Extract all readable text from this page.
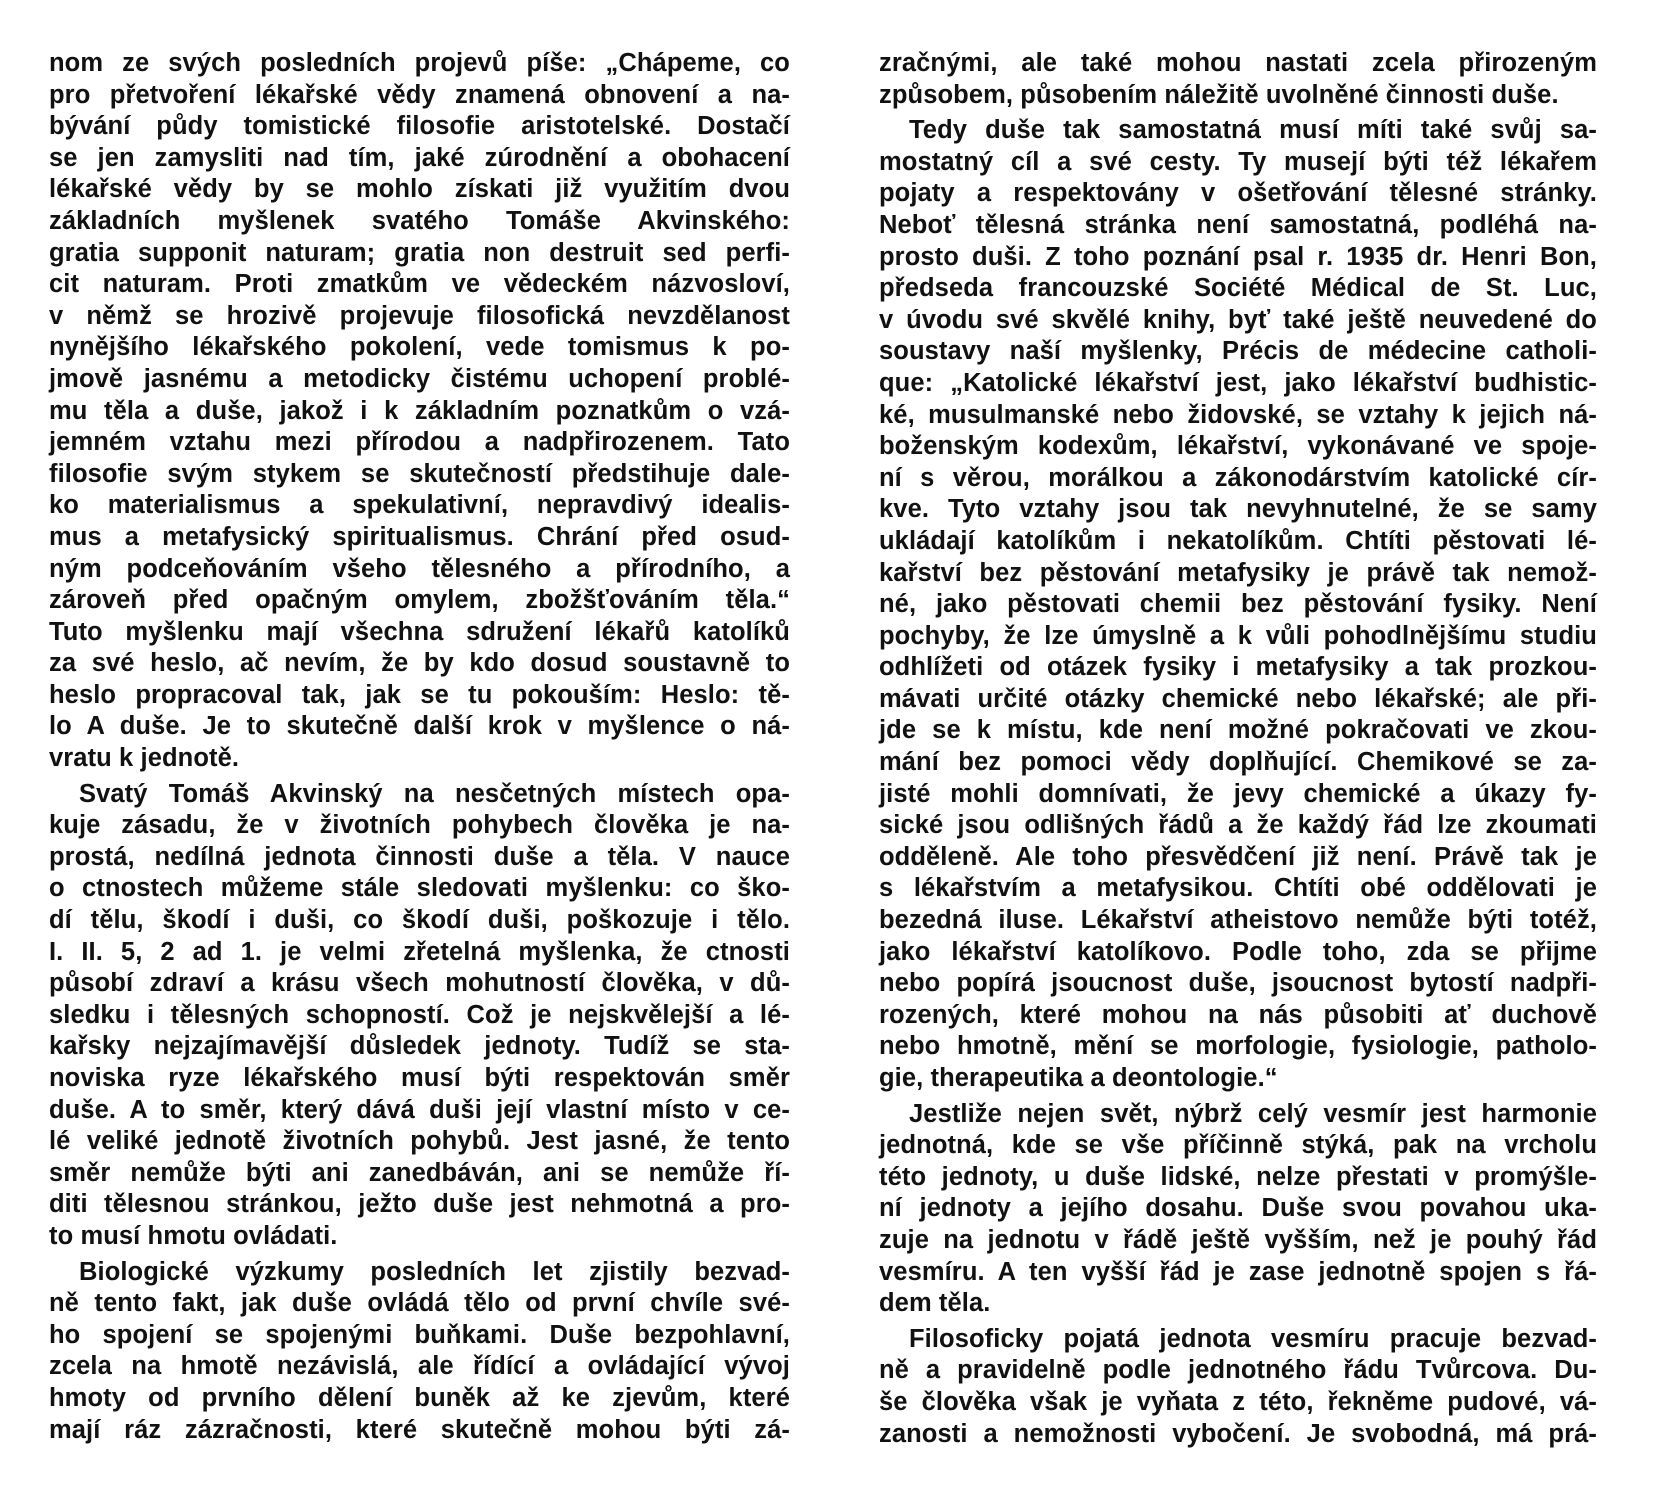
nom ze svých posledních projevů píše: „Chápeme, co
pro přetvoření lékařské vědy znamená obnovení a na-
bývání půdy tomistické filosofie aristotelské. Dostačí
se jen zamysliti nad tím, jaké zúrodnění a obohacení
lékařské vědy by se mohlo získati již využitím dvou
základních myšlenek svatého Tomáše Akvinského:
gratia supponit naturam; gratia non destruit sed perfi-
cit naturam. Proti zmatkům ve vědeckém názvosloví,
v němž se hrozivě projevuje filosofická nevzdělanost
nynějšího lékařského pokolení, vede tomismus k po-
jmově jasnému a metodicky čistému uchopení problé-
mu těla a duše, jakož i k základním poznatkům o vzá-
jemném vztahu mezi přírodou a nadpřirozenem. Tato
filosofie svým stykem se skutečností předstihuje dale-
ko materialismus a spekulativní, nepravdivý idealis-
mus a metafysický spiritualismus. Chrání před osud-
ným podceňováním všeho tělesného a přírodního, a
zároveň před opačným omylem, zbožšťováním těla.“
Tuto myšlenku mají všechna sdružení lékařů katolíků
za své heslo, ač nevím, že by kdo dosud soustavně to
heslo propracoval tak, jak se tu pokouším: Heslo: tě-
lo A duše. Je to skutečně další krok v myšlence o ná-
vratu k jednotě.
Svatý Tomáš Akvinský na nesčetných místech opa-
kuje zásadu, že v životních pohybech člověka je na-
prostá, nedílná jednota činnosti duše a těla. V nauce
o ctnostech můžeme stále sledovati myšlenku: co ško-
dí tělu, škodí i duši, co škodí duši, poškozuje i tělo.
I. II. 5, 2 ad 1. je velmi zřetelná myšlenka, že ctnosti
působí zdraví a krásu všech mohutností člověka, v dů-
sledku i tělesných schopností. Což je nejskvělejší a lé-
kařsky nejzajímavější důsledek jednoty. Tudíž se sta-
noviska ryze lékařského musí býti respektován směr
duše. A to směr, který dává duši její vlastní místo v ce-
lé veliké jednotě životních pohybů. Jest jasné, že tento
směr nemůže býti ani zanedbáván, ani se nemůže ří-
diti tělesnou stránkou, ježto duše jest nehmotná a pro-
to musí hmotu ovládati.
Biologické výzkumy posledních let zjistily bezvad-
ně tento fakt, jak duše ovládá tělo od první chvíle své-
ho spojení se spojenými buňkami. Duše bezpohlavní,
zcela na hmotě nezávislá, ale řídící a ovládající vývoj
hmoty od prvního dělení buněk až ke zjevům, které
mají ráz zázračnosti, které skutečně mohou býti zá-
zračnými, ale také mohou nastati zcela přirozeným
způsobem, působením náležitě uvolněné činnosti duše.
Tedy duše tak samostatná musí míti také svůj sa-
mostatný cíl a své cesty. Ty musejí býti též lékařem
pojaty a respektovány v ošetřování tělesné stránky.
Neboť tělesná stránka není samostatná, podléhá na-
prosto duši. Z toho poznání psal r. 1935 dr. Henri Bon,
předseda francouzské Société Médical de St. Luc,
v úvodu své skvělé knihy, byť také ještě neuvedené do
soustavy naší myšlenky, Précis de médecine catholi-
que: „Katolické lékařství jest, jako lékařství budhistic-
ké, musulmanské nebo židovské, se vztahy k jejich ná-
boženským kodexům, lékařství, vykonávané ve spoje-
ní s věrou, morálkou a zákonodárstvím katolické cír-
kve. Tyto vztahy jsou tak nevyhnutelné, že se samy
ukládají katolíkům i nekatolíkům. Chtíti pěstovati lé-
kařství bez pěstování metafysiky je právě tak nemož-
né, jako pěstovati chemii bez pěstování fysiky. Není
pochyby, že lze úmyslně a k vůli pohodlnějšímu studiu
odhlížeti od otázek fysiky i metafysiky a tak prozkou-
mávati určité otázky chemické nebo lékařské; ale při-
jde se k místu, kde není možné pokračovati ve zkou-
mání bez pomoci vědy doplňující. Chemikové se za-
jisté mohli domnívati, že jevy chemické a úkazy fy-
sické jsou odlišných řádů a že každý řád lze zkoumati
odděleně. Ale toho přesvědčení již není. Právě tak je
s lékařstvím a metafysikou. Chtíti obé oddělovati je
bezedná iluse. Lékařství atheistovo nemůže býti totéž,
jako lékařství katolíkovo. Podle toho, zda se přijme
nebo popírá jsoucnost duše, jsoucnost bytostí nadpři-
rozených, které mohou na nás působiti ať duchově
nebo hmotně, mění se morfologie, fysiologie, patholo-
gie, therapeutika a deontologie.“
Jestliže nejen svět, nýbrž celý vesmír jest harmonie
jednotná, kde se vše příčinně stýká, pak na vrcholu
této jednoty, u duše lidské, nelze přestati v promýšle-
ní jednoty a jejího dosahu. Duše svou povahou uka-
zuje na jednotu v řádě ještě vyšším, než je pouhý řád
vesmíru. A ten vyšší řád je zase jednotně spojen s řá-
dem těla.
Filosoficky pojatá jednota vesmíru pracuje bezvad-
ně a pravidelně podle jednotného řádu Tvůrcova. Du-
še člověka však je vyňata z této, řekněme pudové, vá-
zanosti a nemožnosti vybočení. Je svobodná, má prá-
